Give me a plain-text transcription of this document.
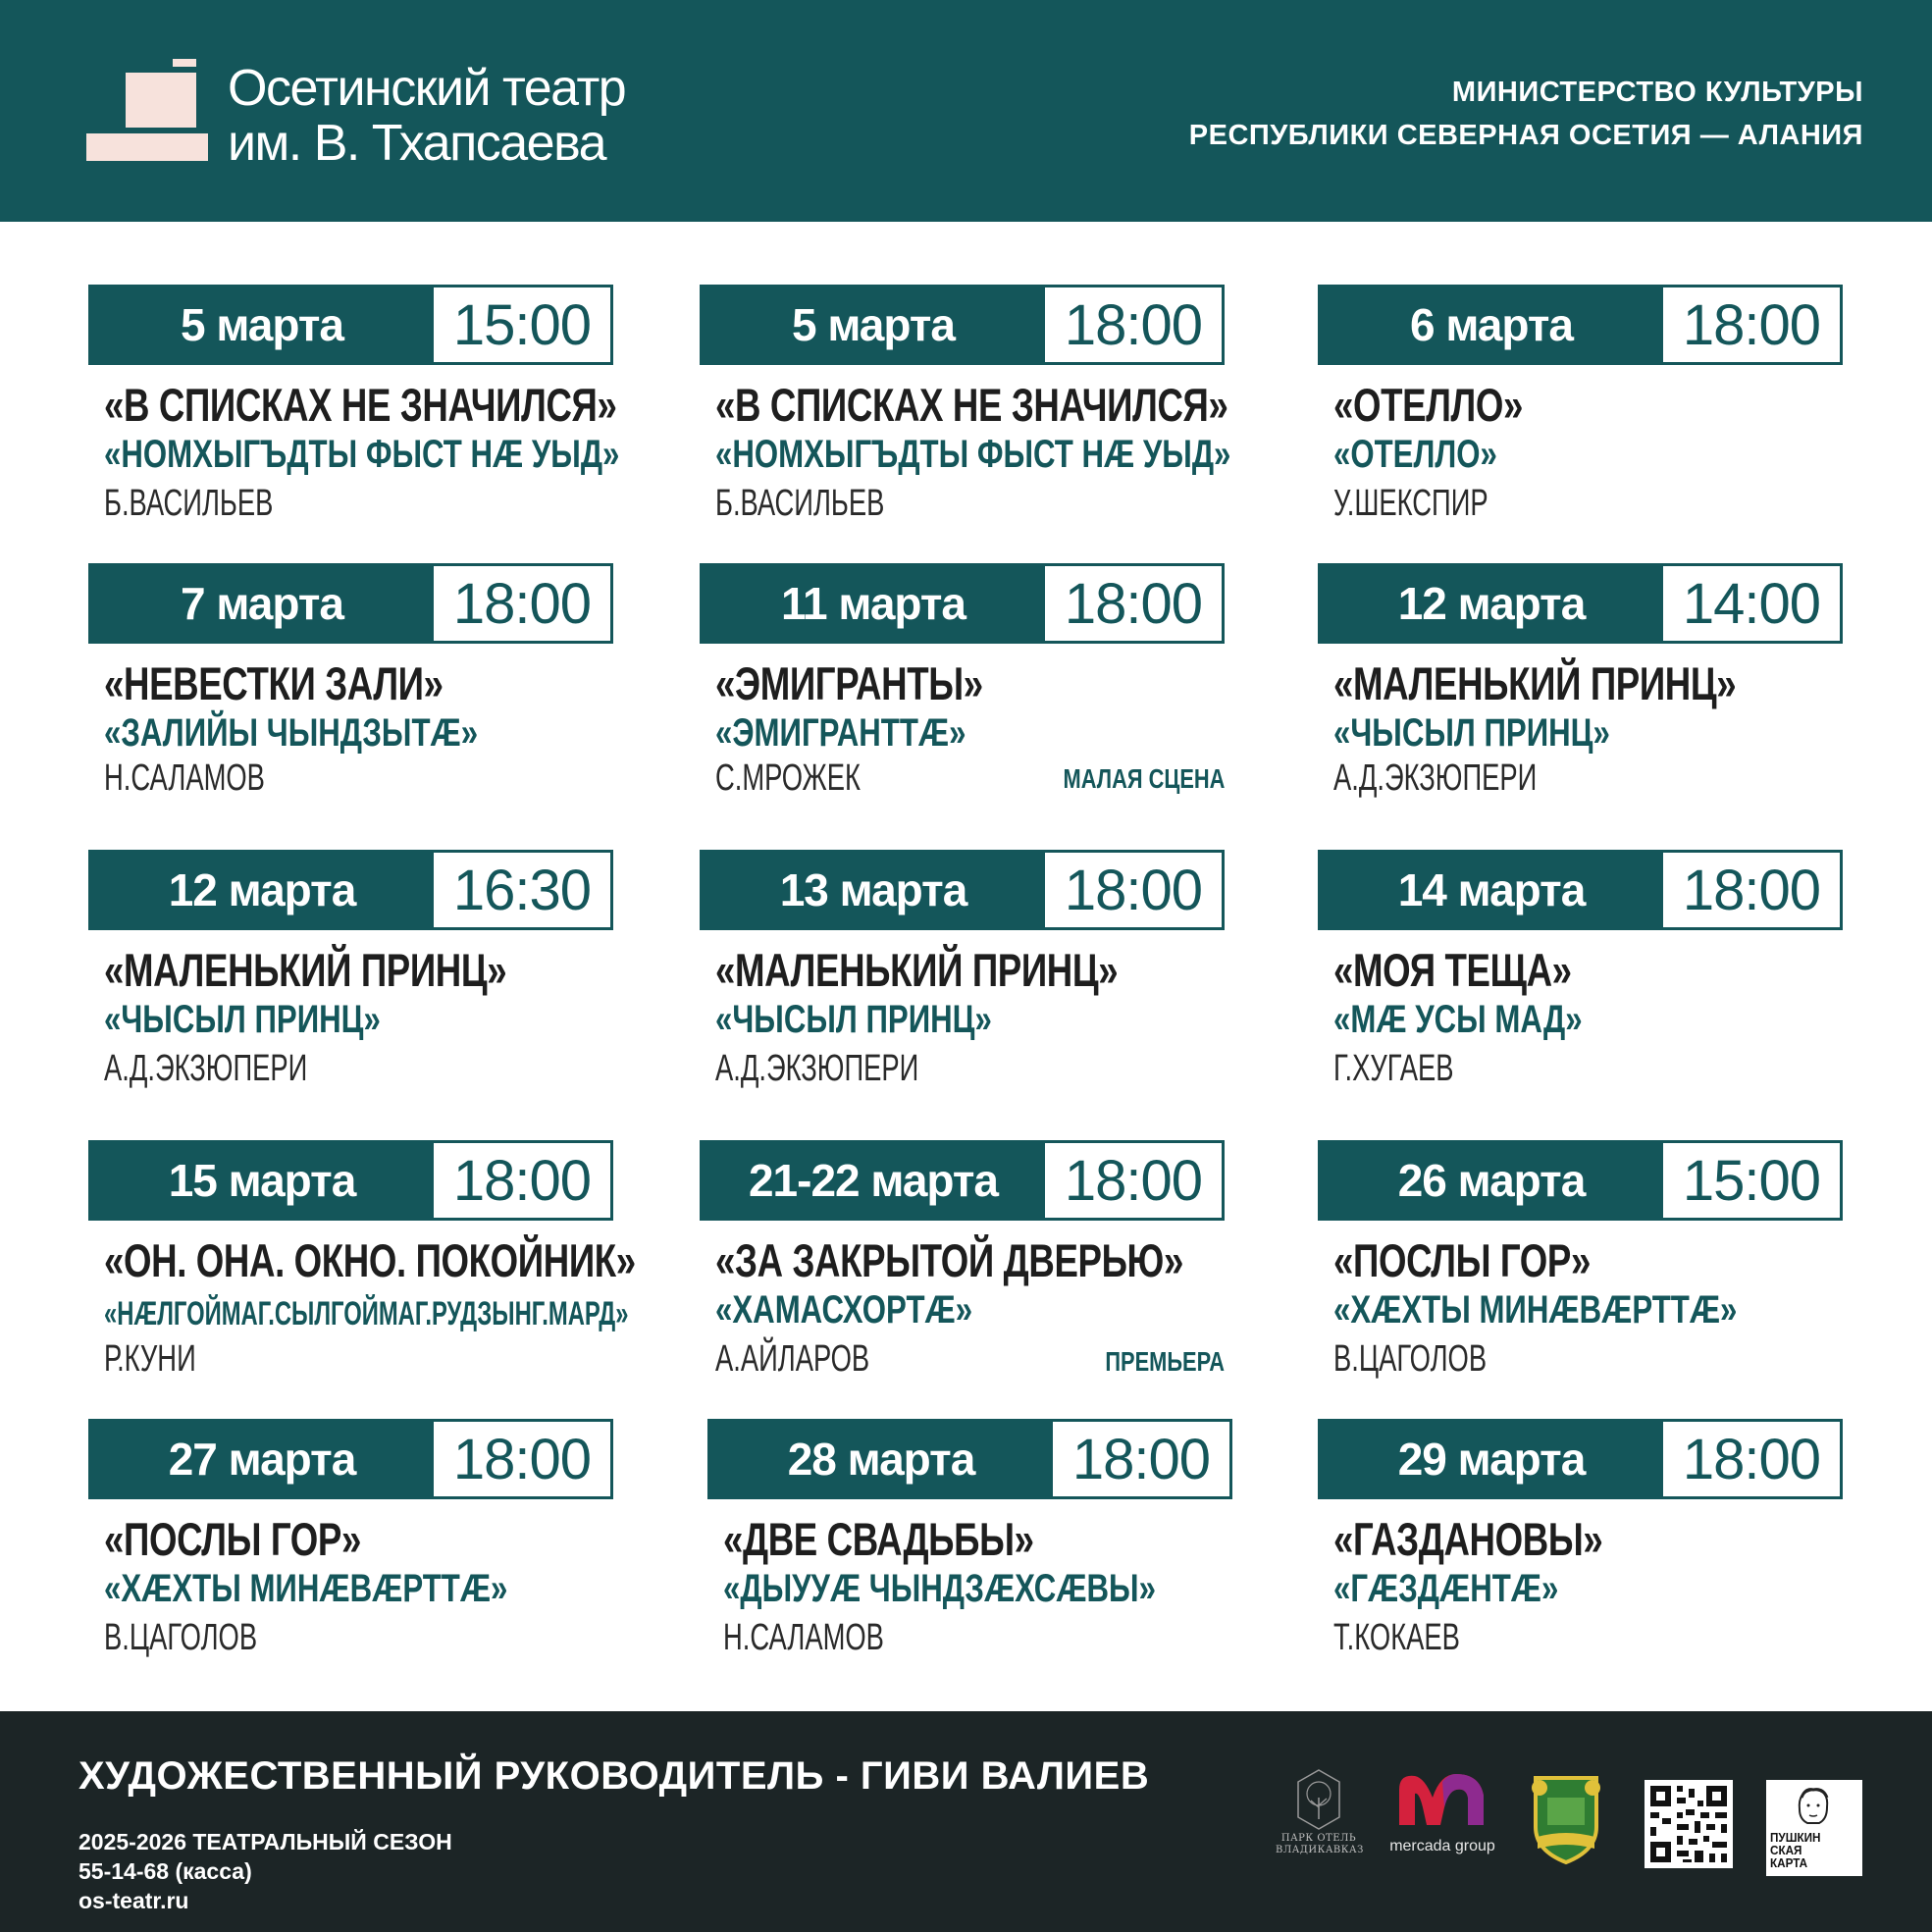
Осетинский театр
им. В. Тхапсаева
МИНИСТЕРСТВО КУЛЬТУРЫ
РЕСПУБЛИКИ СЕВЕРНАЯ ОСЕТИЯ — АЛАНИЯ
5 марта	15:00
«В СПИСКАХ НЕ ЗНАЧИЛСЯ»
«НОМХЫГЪДТЫ ФЫСТ НÆ УЫД»
Б.ВАСИЛЬЕВ
5 марта	18:00
«В СПИСКАХ НЕ ЗНАЧИЛСЯ»
«НОМХЫГЪДТЫ ФЫСТ НÆ УЫД»
Б.ВАСИЛЬЕВ
6 марта	18:00
«ОТЕЛЛО»
«ОТЕЛЛО»
У.ШЕКСПИР
7 марта	18:00
«НЕВЕСТКИ ЗАЛИ»
«ЗАЛИЙЫ ЧЫНДЗЫТÆ»
Н.САЛАМОВ
11 марта	18:00
«ЭМИГРАНТЫ»
«ЭМИГРАНТТÆ»
С.МРОЖЕК	МАЛАЯ СЦЕНА
12 марта	14:00
«МАЛЕНЬКИЙ ПРИНЦ»
«ЧЫСЫЛ ПРИНЦ»
А.Д.ЭКЗЮПЕРИ
12 марта	16:30
«МАЛЕНЬКИЙ ПРИНЦ»
«ЧЫСЫЛ ПРИНЦ»
А.Д.ЭКЗЮПЕРИ
13 марта	18:00
«МАЛЕНЬКИЙ ПРИНЦ»
«ЧЫСЫЛ ПРИНЦ»
А.Д.ЭКЗЮПЕРИ
14 марта	18:00
«МОЯ ТЕЩА»
«МÆ УСЫ МАД»
Г.ХУГАЕВ
15 марта	18:00
«ОН. ОНА. ОКНО. ПОКОЙНИК»
«НÆЛГОЙМАГ.СЫЛГОЙМАГ.РУДЗЫНГ.МАРД»
Р.КУНИ
21-22 марта	18:00
«ЗА ЗАКРЫТОЙ ДВЕРЬЮ»
«ХАМАСХОРТÆ»
А.АЙЛАРОВ	ПРЕМЬЕРА
26 марта	15:00
«ПОСЛЫ ГОР»
«ХÆХТЫ МИНÆВÆРТТÆ»
В.ЦАГОЛОВ
27 марта	18:00
«ПОСЛЫ ГОР»
«ХÆХТЫ МИНÆВÆРТТÆ»
В.ЦАГОЛОВ
28 марта	18:00
«ДВЕ СВАДЬБЫ»
«ДЫУУÆ ЧЫНДЗÆХСÆВЫ»
Н.САЛАМОВ
29 марта	18:00
«ГАЗДАНОВЫ»
«ГÆЗДÆНТÆ»
Т.КОКАЕВ
ХУДОЖЕСТВЕННЫЙ РУКОВОДИТЕЛЬ - ГИВИ ВАЛИЕВ
2025-2026 ТЕАТРАЛЬНЫЙ СЕЗОН
55-14-68 (касса)
os-teatr.ru
ПАРК ОТЕЛЬ
ВЛАДИКАВКАЗ	mercada group
ПУШКИН
СКАЯ
КАРТА
